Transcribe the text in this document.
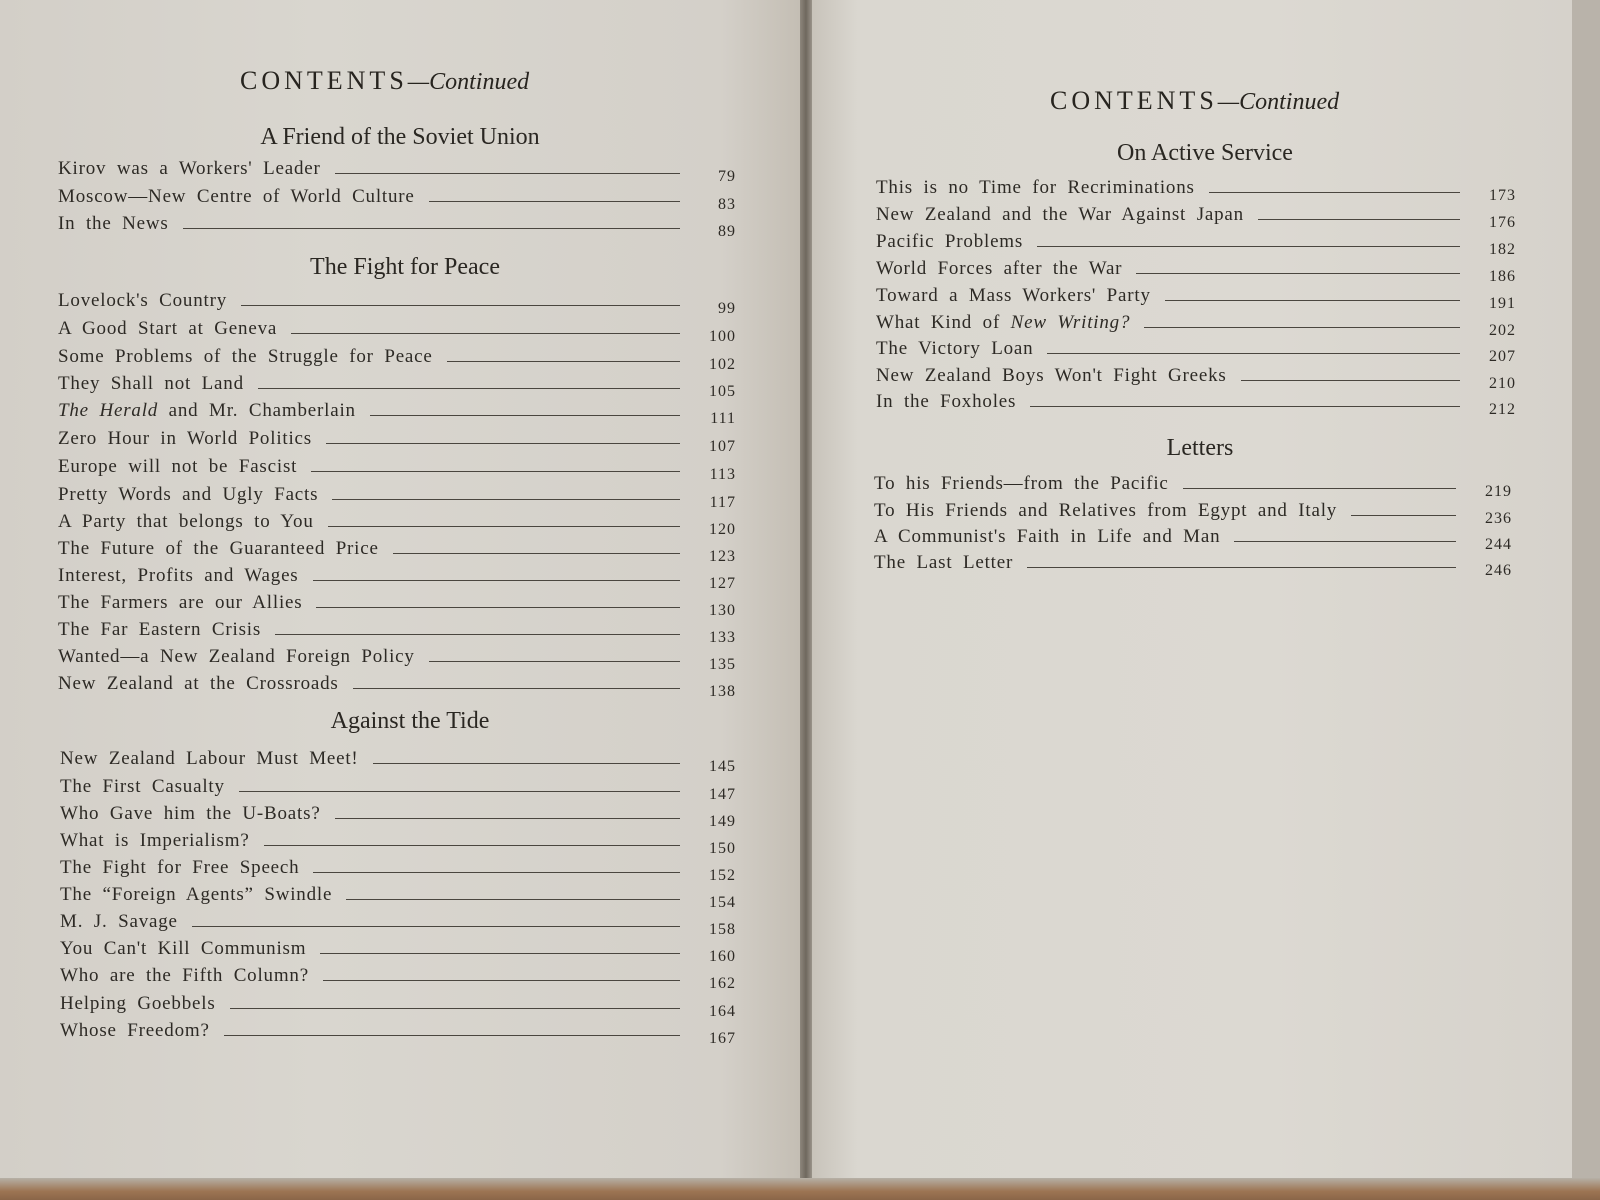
CONTENTS—Continued
A Friend of the Soviet Union
Kirov was a Workers' Leader	79
Moscow—New Centre of World Culture	83
In the News	89
The Fight for Peace
Lovelock's Country	99
A Good Start at Geneva	100
Some Problems of the Struggle for Peace	102
They Shall not Land	105
The Herald and Mr. Chamberlain	111
Zero Hour in World Politics	107
Europe will not be Fascist	113
Pretty Words and Ugly Facts	117
A Party that belongs to You	120
The Future of the Guaranteed Price	123
Interest, Profits and Wages	127
The Farmers are our Allies	130
The Far Eastern Crisis	133
Wanted—a New Zealand Foreign Policy	135
New Zealand at the Crossroads	138
Against the Tide
New Zealand Labour Must Meet!	145
The First Casualty	147
Who Gave him the U-Boats?	149
What is Imperialism?	150
The Fight for Free Speech	152
The “Foreign Agents” Swindle	154
M. J. Savage	158
You Can't Kill Communism	160
Who are the Fifth Column?	162
Helping Goebbels	164
Whose Freedom?	167
CONTENTS—Continued
On Active Service
This is no Time for Recriminations	173
New Zealand and the War Against Japan	176
Pacific Problems	182
World Forces after the War	186
Toward a Mass Workers' Party	191
What Kind of New Writing?	202
The Victory Loan	207
New Zealand Boys Won't Fight Greeks	210
In the Foxholes	212
Letters
To his Friends—from the Pacific	219
To His Friends and Relatives from Egypt and Italy	236
A Communist's Faith in Life and Man	244
The Last Letter	246
